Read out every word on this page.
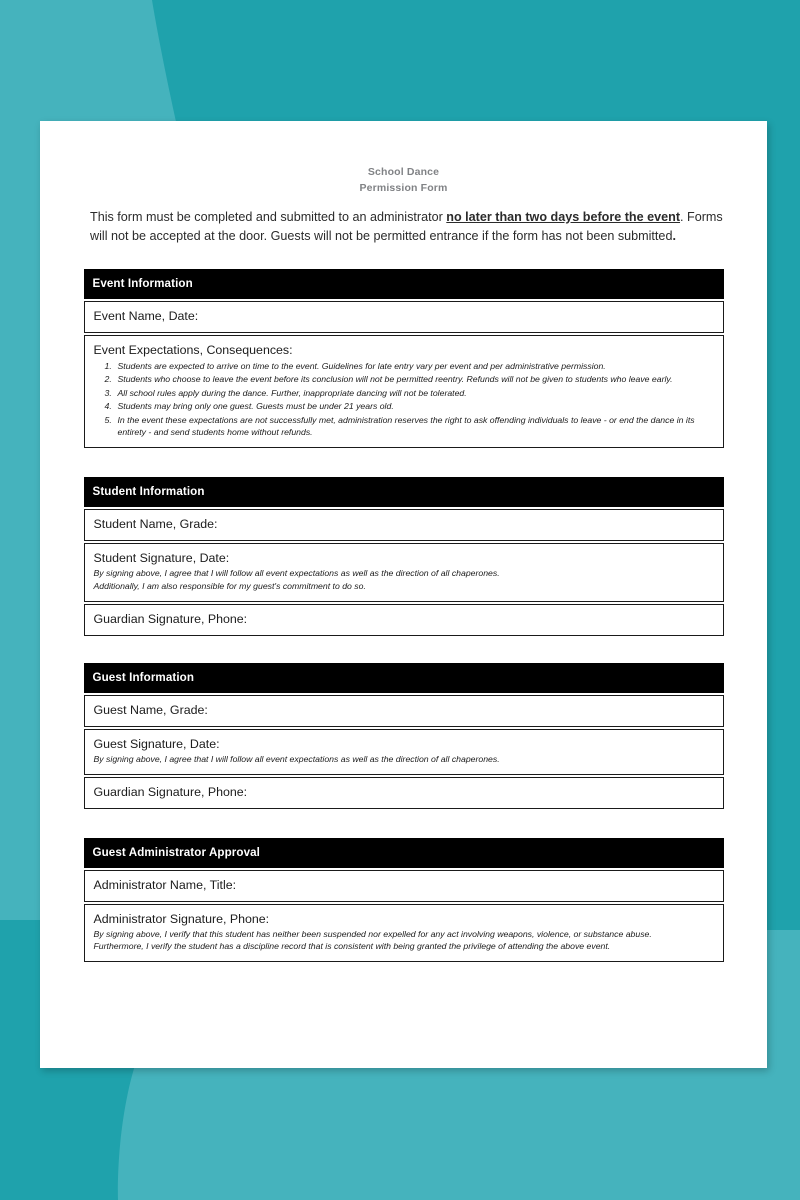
School Dance
Permission Form

This form must be completed and submitted to an administrator no later than two days before the event. Forms will not be accepted at the door. Guests will not be permitted entrance if the form has not been submitted.

Event Information
Event Name, Date:
Event Expectations, Consequences:
1. Students are expected to arrive on time to the event. Guidelines for late entry vary per event and per administrative permission.
2. Students who choose to leave the event before its conclusion will not be permitted reentry. Refunds will not be given to students who leave early.
3. All school rules apply during the dance. Further, inappropriate dancing will not be tolerated.
4. Students may bring only one guest. Guests must be under 21 years old.
5. In the event these expectations are not successfully met, administration reserves the right to ask offending individuals to leave - or end the dance in its entirety - and send students home without refunds.
Student Information
Student Name, Grade:
Student Signature, Date:
By signing above, I agree that I will follow all event expectations as well as the direction of all chaperones.
Additionally, I am also responsible for my guest's commitment to do so.
Guardian Signature, Phone:
Guest Information
Guest Name, Grade:
Guest Signature, Date:
By signing above, I agree that I will follow all event expectations as well as the direction of all chaperones.
Guardian Signature, Phone:
Guest Administrator Approval
Administrator Name, Title:
Administrator Signature, Phone:
By signing above, I verify that this student has neither been suspended nor expelled for any act involving weapons, violence, or substance abuse.
Furthermore, I verify the student has a discipline record that is consistent with being granted the privilege of attending the above event.
